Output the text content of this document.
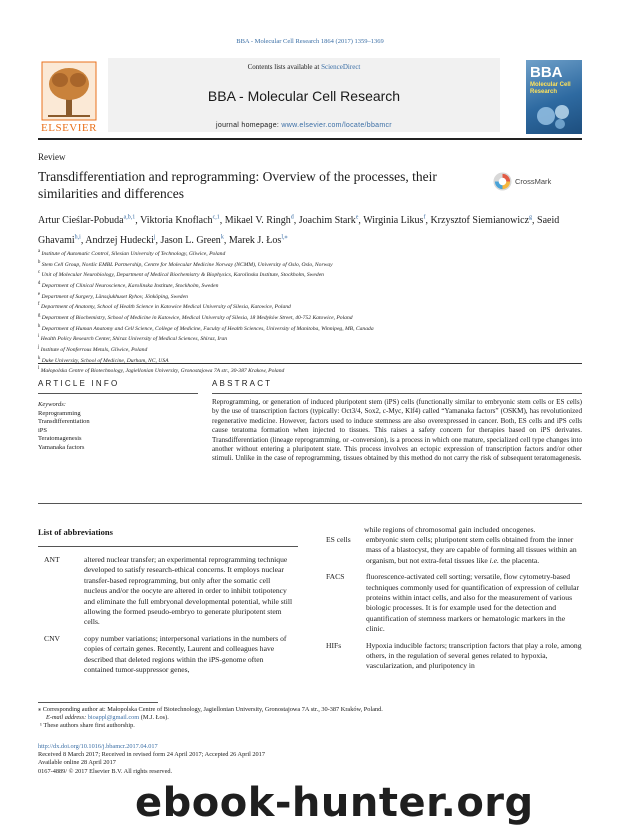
BBA - Molecular Cell Research 1864 (2017) 1359–1369
ELSEVIER
Contents lists available at ScienceDirect
BBA - Molecular Cell Research
journal homepage: www.elsevier.com/locate/bbamcr
BBA
Molecular Cell Research
Review
Transdifferentiation and reprogramming: Overview of the processes, their similarities and differences
CrossMark
Artur Cieślar-Pobuda$^{a,b,1}$, Viktoria Knoflach$^{c,1}$, Mikael V. Ringh$^d$, Joachim Stark$^e$, Wirginia Likus$^f$, Krzysztof Siemianowicz$^g$, Saeid Ghavami$^{h,i}$, Andrzej Hudecki$^j$, Jason L. Green$^k$, Marek J. Łos$^{l,⁎}$
$^a$ Institute of Automatic Control, Silesian University of Technology, Gliwice, Poland
$^b$ Stem Cell Group, Nordic EMBL Partnership, Centre for Molecular Medicine Norway (NCMM), University of Oslo, Oslo, Norway
$^c$ Unit of Molecular Neurobiology, Department of Medical Biochemistry & Biophysics, Karolinska Institute, Stockholm, Sweden
$^d$ Department of Clinical Neuroscience, Karolinska Institute, Stockholm, Sweden
$^e$ Department of Surgery, Länssjukhuset Ryhov, Jönköping, Sweden
$^f$ Department of Anatomy, School of Health Science in Katowice Medical University of Silesia, Katowice, Poland
$^g$ Department of Biochemistry, School of Medicine in Katowice, Medical University of Silesia, 18 Medyków Street, 40-752 Katowice, Poland
$^h$ Department of Human Anatomy and Cell Science, College of Medicine, Faculty of Health Sciences, University of Manitoba, Winnipeg, MB, Canada
$^i$ Health Policy Research Center, Shiraz University of Medical Sciences, Shiraz, Iran
$^j$ Institute of Nonferrous Metals, Gliwice, Poland
$^k$ Duke University, School of Medicine, Durham, NC, USA
$^l$ Małopolska Centre of Biotechnology, Jagiellonian University, Gronostajowa 7A str., 30-387 Krakow, Poland
ARTICLE INFO	ABSTRACT
Keywords:
Reprogramming
Transdifferentiation
iPS
Teratomagenesis
Yamanaka factors
Reprogramming, or generation of induced pluripotent stem (iPS) cells (functionally similar to embryonic stem cells or ES cells) by the use of transcription factors (typically: Oct3/4, Sox2, c-Myc, Klf4) called “Yamanaka factors” (OSKM), has revolutionized regenerative medicine. However, factors used to induce stemness are also overexpressed in cancer. Both, ES cells and iPS cells cause teratoma formation when injected to tissues. This raises a safety concern for therapies based on iPS derivates. Transdifferentiation (lineage reprogramming, or -conversion), is a process in which one mature, specialized cell type changes into another without entering a pluripotent state. This process involves an ectopic expression of transcription factors and/or other stimuli. Unlike in the case of reprogramming, tissues obtained by this method do not carry the risk of subsequent teratomagenesis.
List of abbreviations
ANT	altered nuclear transfer; an experimental reprogramming technique developed to satisfy research-ethical concerns. It employs nuclear transfer-based reprogramming, but only after the somatic cell nucleus and/or the oocyte are altered in order to inhibit totipotency and eliminate the full embryonal developmental potential, while still allowing the formed pseudo-embryo to generate pluripotent stem cells.
CNV	copy number variations; interpersonal variations in the numbers of copies of certain genes. Recently, Laurent and colleagues have described that deleted regions within the iPS-genome often contained tumor-suppressor genes,
while regions of chromosomal gain included oncogenes.
ES cells	embryonic stem cells; pluripotent stem cells obtained from the inner mass of a blastocyst, they are capable of forming all tissues within an organism, but not extra-fetal tissues like i.e. the placenta.
FACS	fluorescence-activated cell sorting; versatile, flow cytometry-based techniques commonly used for quantification of expression of cellular proteins within intact cells, and also for the measurement of various biologic processes. It is for example used for the detection and quantification of stemness markers or hematologic markers in the clinic.
HIFs	Hypoxia inducible factors; transcription factors that play a role, among others, in the regulation of several genes related to hypoxia, vascularization, and pluripotency in
⁎ Corresponding author at: Małopolska Centre of Biotechnology, Jagiellonian University, Gronostajowa 7A str., 30-387 Kraków, Poland.
E-mail address: bioappl@gmail.com (M.J. Łos).
¹ These authors share first authorship.
http://dx.doi.org/10.1016/j.bbamcr.2017.04.017
Received 8 March 2017; Received in revised form 24 April 2017; Accepted 26 April 2017
Available online 28 April 2017
0167-4889/ © 2017 Elsevier B.V. All rights reserved.
ebook-hunter.org
